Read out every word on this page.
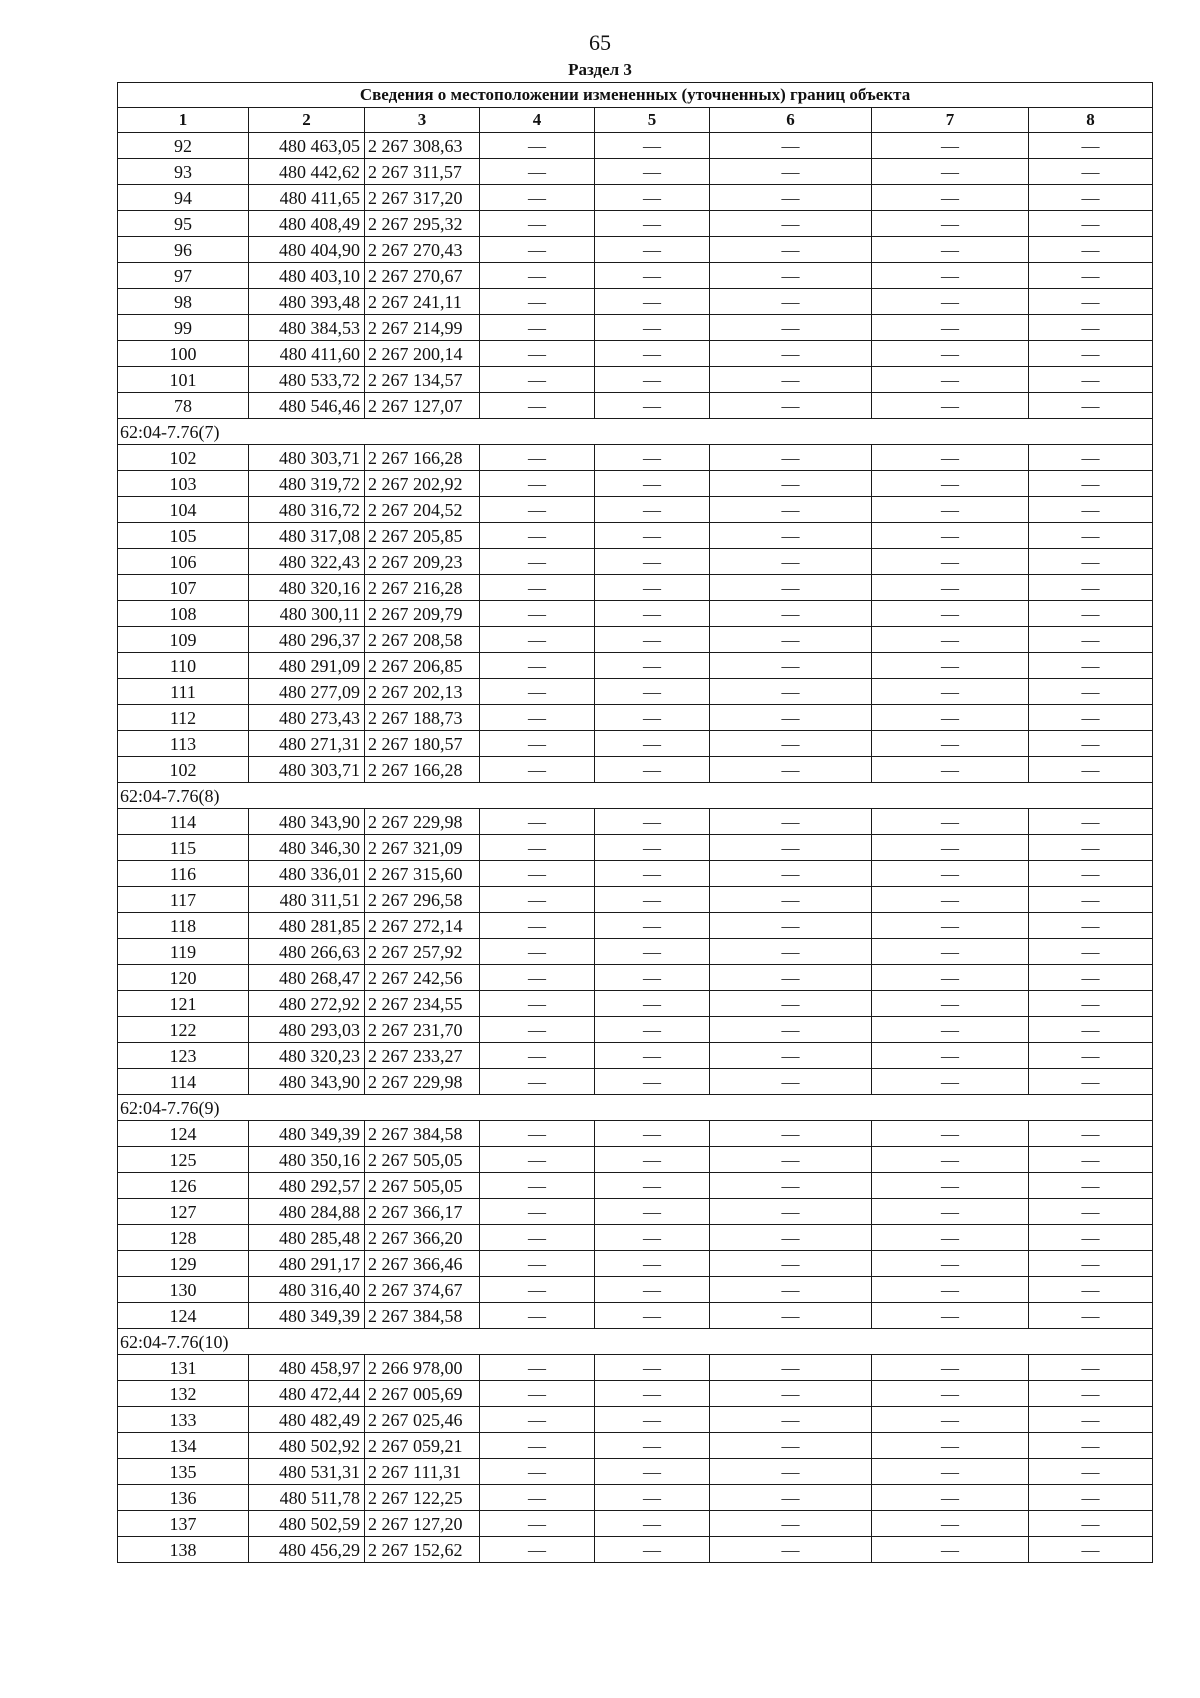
65
Раздел 3
Сведения о местоположении измененных (уточненных) границ объекта							
1	2	3	4	5	6	7	8
92	480 463,05	2 267 308,63	—	—	—	—	—
93	480 442,62	2 267 311,57	—	—	—	—	—
94	480 411,65	2 267 317,20	—	—	—	—	—
95	480 408,49	2 267 295,32	—	—	—	—	—
96	480 404,90	2 267 270,43	—	—	—	—	—
97	480 403,10	2 267 270,67	—	—	—	—	—
98	480 393,48	2 267 241,11	—	—	—	—	—
99	480 384,53	2 267 214,99	—	—	—	—	—
100	480 411,60	2 267 200,14	—	—	—	—	—
101	480 533,72	2 267 134,57	—	—	—	—	—
78	480 546,46	2 267 127,07	—	—	—	—	—
62:04-7.76(7)							
102	480 303,71	2 267 166,28	—	—	—	—	—
103	480 319,72	2 267 202,92	—	—	—	—	—
104	480 316,72	2 267 204,52	—	—	—	—	—
105	480 317,08	2 267 205,85	—	—	—	—	—
106	480 322,43	2 267 209,23	—	—	—	—	—
107	480 320,16	2 267 216,28	—	—	—	—	—
108	480 300,11	2 267 209,79	—	—	—	—	—
109	480 296,37	2 267 208,58	—	—	—	—	—
110	480 291,09	2 267 206,85	—	—	—	—	—
111	480 277,09	2 267 202,13	—	—	—	—	—
112	480 273,43	2 267 188,73	—	—	—	—	—
113	480 271,31	2 267 180,57	—	—	—	—	—
102	480 303,71	2 267 166,28	—	—	—	—	—
62:04-7.76(8)							
114	480 343,90	2 267 229,98	—	—	—	—	—
115	480 346,30	2 267 321,09	—	—	—	—	—
116	480 336,01	2 267 315,60	—	—	—	—	—
117	480 311,51	2 267 296,58	—	—	—	—	—
118	480 281,85	2 267 272,14	—	—	—	—	—
119	480 266,63	2 267 257,92	—	—	—	—	—
120	480 268,47	2 267 242,56	—	—	—	—	—
121	480 272,92	2 267 234,55	—	—	—	—	—
122	480 293,03	2 267 231,70	—	—	—	—	—
123	480 320,23	2 267 233,27	—	—	—	—	—
114	480 343,90	2 267 229,98	—	—	—	—	—
62:04-7.76(9)							
124	480 349,39	2 267 384,58	—	—	—	—	—
125	480 350,16	2 267 505,05	—	—	—	—	—
126	480 292,57	2 267 505,05	—	—	—	—	—
127	480 284,88	2 267 366,17	—	—	—	—	—
128	480 285,48	2 267 366,20	—	—	—	—	—
129	480 291,17	2 267 366,46	—	—	—	—	—
130	480 316,40	2 267 374,67	—	—	—	—	—
124	480 349,39	2 267 384,58	—	—	—	—	—
62:04-7.76(10)							
131	480 458,97	2 266 978,00	—	—	—	—	—
132	480 472,44	2 267 005,69	—	—	—	—	—
133	480 482,49	2 267 025,46	—	—	—	—	—
134	480 502,92	2 267 059,21	—	—	—	—	—
135	480 531,31	2 267 111,31	—	—	—	—	—
136	480 511,78	2 267 122,25	—	—	—	—	—
137	480 502,59	2 267 127,20	—	—	—	—	—
138	480 456,29	2 267 152,62	—	—	—	—	—
